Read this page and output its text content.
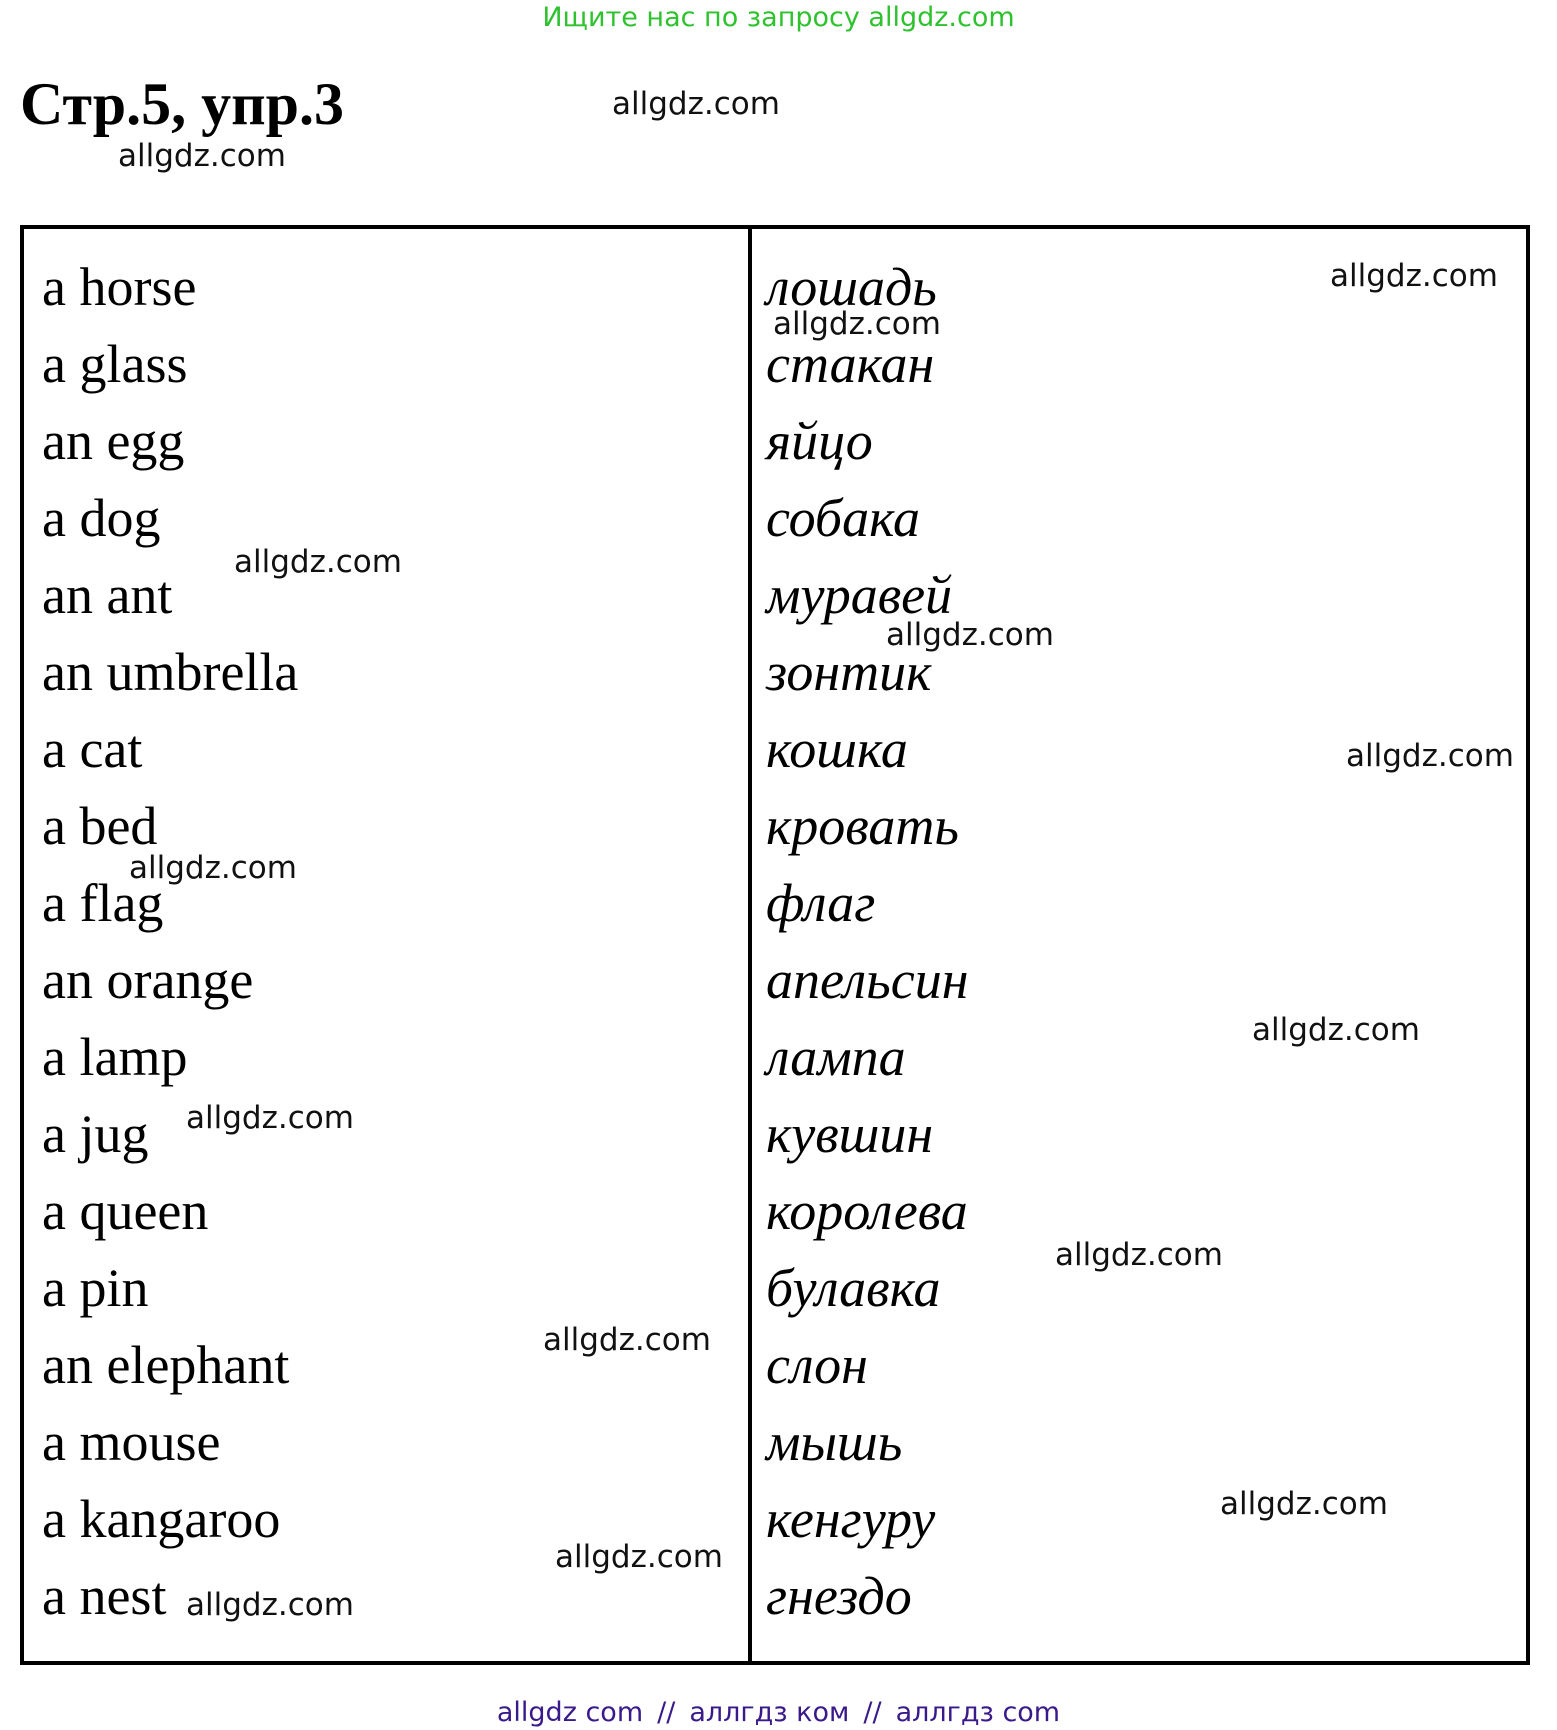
Ищите нас по запросу allgdz.com
Стр.5, упр.3	allgdz.com
allgdz.com
a horse
a glass
an egg
a dog
an ant
an umbrella
a cat
a bed
a flag
an orange
a lamp
a jug
a queen
a pin
an elephant
a mouse
a kangaroo
a nest
лошадь
стакан
яйцо
собака
муравей
зонтик
кошка
кровать
флаг
апельсин
лампа
кувшин
королева
булавка
слон
мышь
кенгуру
гнездо
allgdz.com
allgdz.com
allgdz.com
allgdz.com
allgdz.com
allgdz.com
allgdz.com
allgdz.com
allgdz.com
allgdz.com
allgdz.com
allgdz.com
allgdz.com
allgdz com // аллгдз ком // аллгдз com
